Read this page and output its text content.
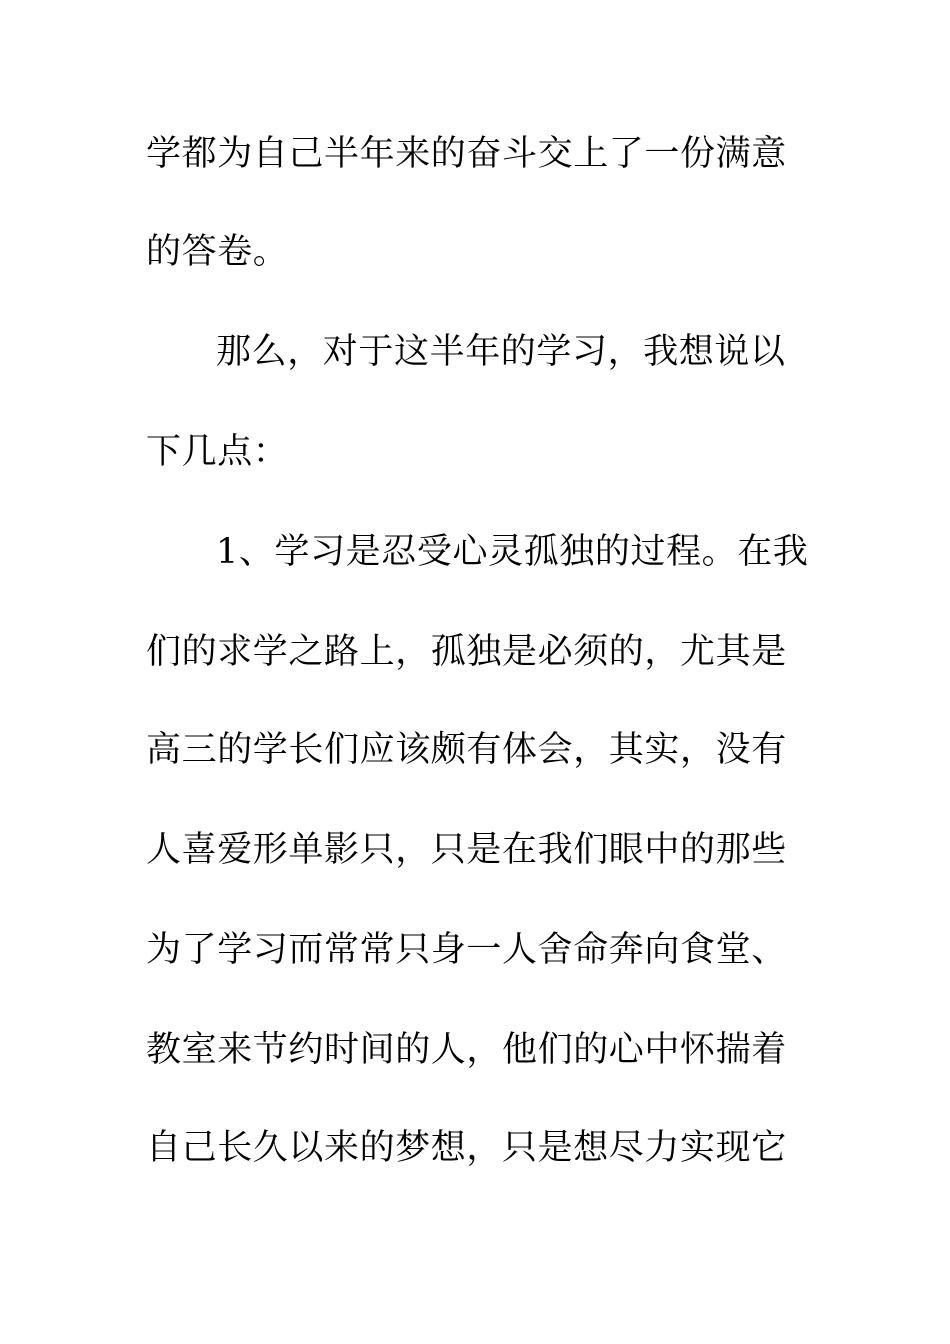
学都为自己半年来的奋斗交上了一份满意
的答卷。
那么，对于这半年的学习，我想说以
下几点：
1、学习是忍受心灵孤独的过程。在我
们的求学之路上，孤独是必须的，尤其是
高三的学长们应该颇有体会，其实，没有
人喜爱形单影只，只是在我们眼中的那些
为了学习而常常只身一人舍命奔向食堂、
教室来节约时间的人，他们的心中怀揣着
自己长久以来的梦想，只是想尽力实现它
